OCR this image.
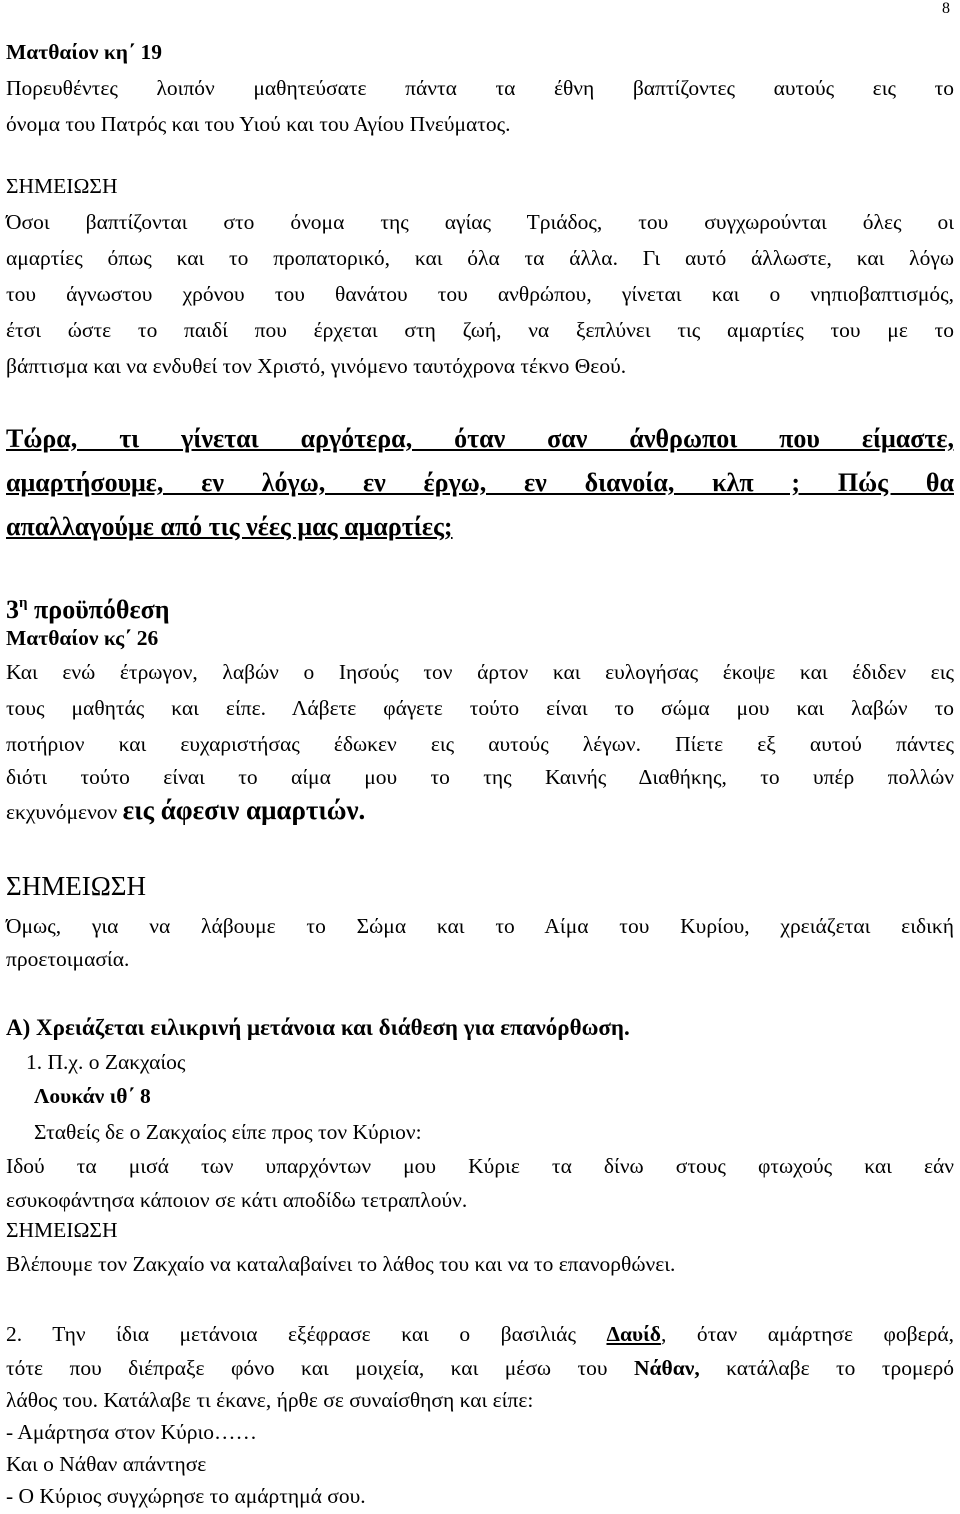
8
Ματθαίον κη΄ 19
Πορευθέντες λοιπόν μαθητεύσατε πάντα τα έθνη βαπτίζοντες αυτούς εις το
όνομα του Πατρός και του Υιού και του Αγίου Πνεύματος.
ΣΗΜΕΙΩΣΗ
Όσοι βαπτίζονται στο όνομα της αγίας Τριάδος, του συγχωρούνται όλες οι
αμαρτίες όπως και το προπατορικό, και όλα τα άλλα. Γι αυτό άλλωστε, και λόγω
του άγνωστου χρόνου του θανάτου του ανθρώπου, γίνεται και ο νηπιοβαπτισμός,
έτσι ώστε το παιδί που έρχεται στη ζωή, να ξεπλύνει τις αμαρτίες του με το
βάπτισμα και να ενδυθεί τον Χριστό, γινόμενο ταυτόχρονα τέκνο Θεού.
Τώρα, τι γίνεται αργότερα, όταν σαν άνθρωποι που είμαστε,
αμαρτήσουμε, εν λόγω, εν έργω, εν διανοία, κλπ ; Πώς θα
απαλλαγούμε από τις νέες μας αμαρτίες;
$3^\eta$ προϋπόθεση
Ματθαίον κς΄ 26
Και ενώ έτρωγον, λαβών ο Ιησούς τον άρτον και ευλογήσας έκοψε και έδιδεν εις
τους μαθητάς και είπε. Λάβετε φάγετε τούτο είναι το σώμα μου και λαβών το
ποτήριον και ευχαριστήσας έδωκεν εις αυτούς λέγων. Πίετε εξ αυτού πάντες
διότι τούτο είναι το αίμα μου το της Καινής Διαθήκης, το υπέρ πολλών
εκχυνόμενον εις άφεσιν αμαρτιών.
ΣΗΜΕΙΩΣΗ
Όμως, για να λάβουμε το Σώμα και το Αίμα του Κυρίου, χρειάζεται ειδική
προετοιμασία.
Α) Χρειάζεται ειλικρινή μετάνοια και διάθεση για επανόρθωση.
1. Π.χ. ο Ζακχαίος
Λουκάν ιθ΄ 8
Σταθείς δε ο Ζακχαίος είπε προς τον Κύριον:
Ιδού τα μισά των υπαρχόντων μου Κύριε τα δίνω στους φτωχούς και εάν
εσυκοφάντησα κάποιον σε κάτι αποδίδω τετραπλούν.
ΣΗΜΕΙΩΣΗ
Βλέπουμε τον Ζακχαίο να καταλαβαίνει το λάθος του και να το επανορθώνει.
2. Την ίδια μετάνοια εξέφρασε και ο βασιλιάς Δαυίδ, όταν αμάρτησε φοβερά,
τότε που διέπραξε φόνο και μοιχεία, και μέσω του Νάθαν, κατάλαβε το τρομερό
λάθος του. Κατάλαβε τι έκανε, ήρθε σε συναίσθηση και είπε:
- Αμάρτησα στον Κύριο……
Και ο Νάθαν απάντησε
- Ο Κύριος συγχώρησε το αμάρτημά σου.
